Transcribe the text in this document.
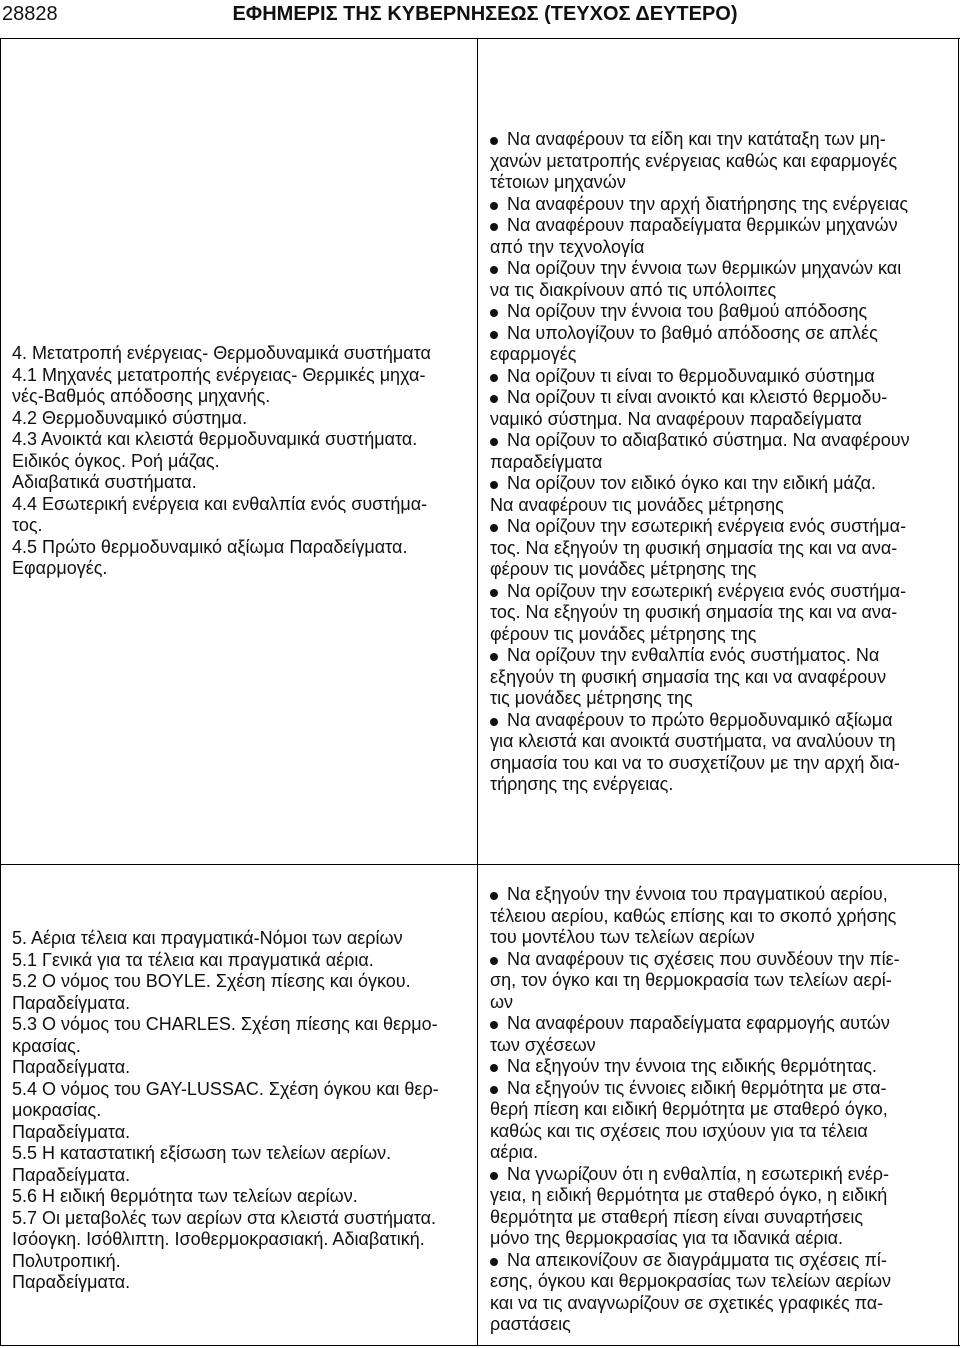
28828	ΕΦΗΜΕΡΙΣ ΤΗΣ ΚΥΒΕΡΝΗΣΕΩΣ (ΤΕΥΧΟΣ ΔΕΥΤΕΡΟ)
4. Μετατροπή ενέργειας- Θερμοδυναμικά συστήματα
4.1 Μηχανές μετατροπής ενέργειας- Θερμικές μηχα-
νές-Βαθμός απόδοσης μηχανής.
4.2 Θερμοδυναμικό σύστημα.
4.3 Ανοικτά και κλειστά θερμοδυναμικά συστήματα.
Ειδικός όγκος. Ροή μάζας.
Αδιαβατικά συστήματα.
4.4 Εσωτερική ενέργεια και ενθαλπία ενός συστήμα-
τος.
4.5 Πρώτο θερμοδυναμικό αξίωμα Παραδείγματα.
Εφαρμογές.
Να αναφέρουν τα είδη και την κατάταξη των μη-
χανών μετατροπής ενέργειας καθώς και εφαρμογές
τέτοιων μηχανών
Να αναφέρουν την αρχή διατήρησης της ενέργειας
Να αναφέρουν παραδείγματα θερμικών μηχανών
από την τεχνολογία
Να ορίζουν την έννοια των θερμικών μηχανών και
να τις διακρίνουν από τις υπόλοιπες
Να ορίζουν την έννοια του βαθμού απόδοσης
Να υπολογίζουν το βαθμό απόδοσης σε απλές
εφαρμογές
Να ορίζουν τι είναι το θερμοδυναμικό σύστημα
Να ορίζουν τι είναι ανοικτό και κλειστό θερμοδυ-
ναμικό σύστημα. Να αναφέρουν παραδείγματα
Να ορίζουν το αδιαβατικό σύστημα. Να αναφέρουν
παραδείγματα
Να ορίζουν τον ειδικό όγκο και την ειδική μάζα.
Να αναφέρουν τις μονάδες μέτρησης
Να ορίζουν την εσωτερική ενέργεια ενός συστήμα-
τος. Να εξηγούν τη φυσική σημασία της και να ανα-
φέρουν τις μονάδες μέτρησης της
Να ορίζουν την εσωτερική ενέργεια ενός συστήμα-
τος. Να εξηγούν τη φυσική σημασία της και να ανα-
φέρουν τις μονάδες μέτρησης της
Να ορίζουν την ενθαλπία ενός συστήματος. Να
εξηγούν τη φυσική σημασία της και να αναφέρουν
τις μονάδες μέτρησης της
Να αναφέρουν το πρώτο θερμοδυναμικό αξίωμα
για κλειστά και ανοικτά συστήματα, να αναλύουν τη
σημασία του και να το συσχετίζουν με την αρχή δια-
τήρησης της ενέργειας.
5. Αέρια τέλεια και πραγματικά-Νόμοι των αερίων
5.1 Γενικά για τα τέλεια και πραγματικά αέρια.
5.2 Ο νόμος του BOYLE. Σχέση πίεσης και όγκου.
Παραδείγματα.
5.3 Ο νόμος του CHARLES. Σχέση πίεσης και θερμο-
κρασίας.
Παραδείγματα.
5.4 Ο νόμος του GAY-LUSSAC. Σχέση όγκου και θερ-
μοκρασίας.
Παραδείγματα.
5.5 Η καταστατική εξίσωση των τελείων αερίων.
Παραδείγματα.
5.6 Η ειδική θερμότητα των τελείων αερίων.
5.7 Οι μεταβολές των αερίων στα κλειστά συστήματα.
Ισόογκη. Ισόθλιπτη. Ισοθερμοκρασιακή. Αδιαβατική.
Πολυτροπική.
Παραδείγματα.
Να εξηγούν την έννοια του πραγματικού αερίου,
τέλειου αερίου, καθώς επίσης και το σκοπό χρήσης
του μοντέλου των τελείων αερίων
Να αναφέρουν τις σχέσεις που συνδέουν την πίε-
ση, τον όγκο και τη θερμοκρασία των τελείων αερί-
ων
Να αναφέρουν παραδείγματα εφαρμογής αυτών
των σχέσεων
Να εξηγούν την έννοια της ειδικής θερμότητας.
Να εξηγούν τις έννοιες ειδική θερμότητα με στα-
θερή πίεση και ειδική θερμότητα με σταθερό όγκο,
καθώς και τις σχέσεις που ισχύουν για τα τέλεια
αέρια.
Να γνωρίζουν ότι η ενθαλπία, η εσωτερική ενέρ-
γεια, η ειδική θερμότητα με σταθερό όγκο, η ειδική
θερμότητα με σταθερή πίεση είναι συναρτήσεις
μόνο της θερμοκρασίας για τα ιδανικά αέρια.
Να απεικονίζουν σε διαγράμματα τις σχέσεις πί-
εσης, όγκου και θερμοκρασίας των τελείων αερίων
και να τις αναγνωρίζουν σε σχετικές γραφικές πα-
ραστάσεις
